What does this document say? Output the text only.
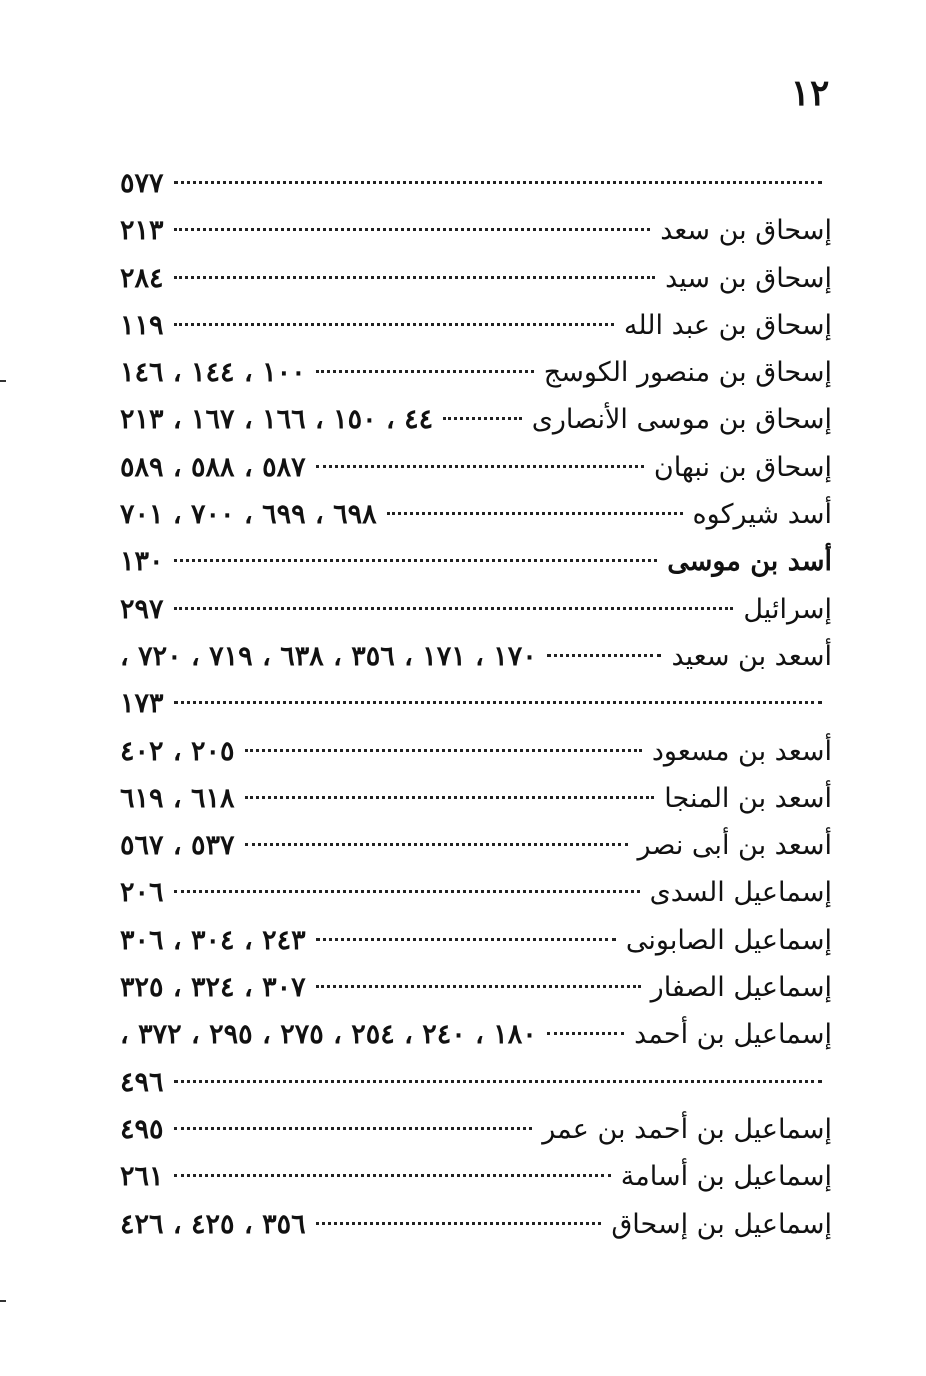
١٢
٥٧٧
إسحاق بن سعد
٢١٣
إسحاق بن سيد
٢٨٤
إسحاق بن عبد الله
١١٩
إسحاق بن منصور الكوسج
١٠٠ ، ١٤٤ ، ١٤٦
إسحاق بن موسى الأنصارى
٤٤ ، ١٥٠ ، ١٦٦ ، ١٦٧ ، ٢١٣
إسحاق بن نبهان
٥٨٧ ، ٥٨٨ ، ٥٨٩
أسد شيركوه
٦٩٨ ، ٦٩٩ ، ٧٠٠ ، ٧٠١
أسد بن موسى
١٣٠
إسرائيل
٢٩٧
أسعد بن سعيد
١٧٠ ، ١٧١ ، ٣٥٦ ، ٦٣٨ ، ٧١٩ ، ٧٢٠ ،
١٧٣
أسعد بن مسعود
٢٠٥ ، ٤٠٢
أسعد بن المنجا
٦١٨ ، ٦١٩
أسعد بن أبى نصر
٥٣٧ ، ٥٦٧
إسماعيل السدى
٢٠٦
إسماعيل الصابونى
٢٤٣ ، ٣٠٤ ، ٣٠٦
إسماعيل الصفار
٣٠٧ ، ٣٢٤ ، ٣٢٥
إسماعيل بن أحمد
١٨٠ ، ٢٤٠ ، ٢٥٤ ، ٢٧٥ ، ٢٩٥ ، ٣٧٢ ،
٤٩٦
إسماعيل بن أحمد بن عمر
٤٩٥
إسماعيل بن أسامة
٢٦١
إسماعيل بن إسحاق
٣٥٦ ، ٤٢٥ ، ٤٢٦
